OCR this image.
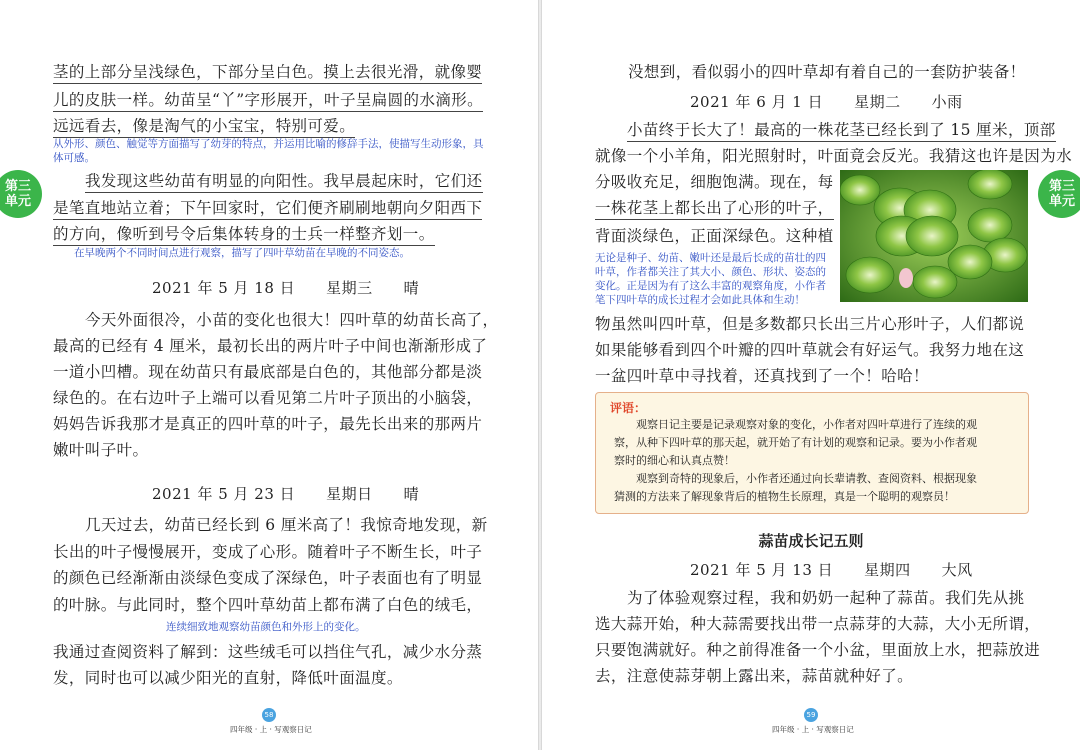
第三
单元
茎的上部分呈浅绿色，下部分呈白色。摸上去很光滑，就像婴
儿的皮肤一样。幼苗呈“丫”字形展开，叶子呈扁圆的水滴形。
远远看去，像是淘气的小宝宝，特别可爱。
从外形、颜色、触觉等方面描写了幼芽的特点，并运用比喻的修辞手法，使描写生动形象，具
体可感。
我发现这些幼苗有明显的向阳性。我早晨起床时，它们还
是笔直地站立着；下午回家时，它们便齐刷刷地朝向夕阳西下
的方向，像听到号令后集体转身的士兵一样整齐划一。
在早晚两个不同时间点进行观察，描写了四叶草幼苗在早晚的不同姿态。
2021 年 5 月 18 日　　星期三　　晴
今天外面很冷，小苗的变化也很大！四叶草的幼苗长高了，
最高的已经有 4 厘米，最初长出的两片叶子中间也渐渐形成了
一道小凹槽。现在幼苗只有最底部是白色的，其他部分都是淡
绿色的。在右边叶子上端可以看见第二片叶子顶出的小脑袋，
妈妈告诉我那才是真正的四叶草的叶子，最先长出来的那两片
嫩叶叫子叶。
2021 年 5 月 23 日　　星期日　　晴
几天过去，幼苗已经长到 6 厘米高了！我惊奇地发现，新
长出的叶子慢慢展开，变成了心形。随着叶子不断生长，叶子
的颜色已经渐渐由淡绿色变成了深绿色，叶子表面也有了明显
的叶脉。与此同时，整个四叶草幼苗上都布满了白色的绒毛，
连续细致地观察幼苗颜色和外形上的变化。
我通过查阅资料了解到：这些绒毛可以挡住气孔，减少水分蒸
发，同时也可以减少阳光的直射，降低叶面温度。
58
四年级 · 上 · 写观察日记
第三
单元
没想到，看似弱小的四叶草却有着自己的一套防护装备！
2021 年 6 月 1 日　　星期二　　小雨
小苗终于长大了！最高的一株花茎已经长到了 15 厘米，顶部
就像一个小羊角，阳光照射时，叶面竟会反光。我猜这也许是因为水
分吸收充足，细胞饱满。现在，每
一株花茎上都长出了心形的叶子，
背面淡绿色，正面深绿色。这种植
无论是种子、幼苗、嫩叶还是最后长成的苗壮的四
叶草，作者都关注了其大小、颜色、形状、姿态的
变化。正是因为有了这么丰富的观察角度，小作者
笔下四叶草的成长过程才会如此具体和生动！
物虽然叫四叶草，但是多数都只长出三片心形叶子，人们都说
如果能够看到四个叶瓣的四叶草就会有好运气。我努力地在这
一盆四叶草中寻找着，还真找到了一个！哈哈！
评语：
观察日记主要是记录观察对象的变化，小作者对四叶草进行了连续的观
察，从种下四叶草的那天起，就开始了有计划的观察和记录。要为小作者观
察时的细心和认真点赞！
观察到奇特的现象后，小作者还通过向长辈请教、查阅资料、根据现象
猜测的方法来了解现象背后的植物生长原理，真是一个聪明的观察员！
蒜苗成长记五则
2021 年 5 月 13 日　　星期四　　大风
为了体验观察过程，我和奶奶一起种了蒜苗。我们先从挑
选大蒜开始，种大蒜需要找出带一点蒜芽的大蒜，大小无所谓，
只要饱满就好。种之前得准备一个小盆，里面放上水，把蒜放进
去，注意使蒜芽朝上露出来，蒜苗就种好了。
59
四年级 · 上 · 写观察日记
